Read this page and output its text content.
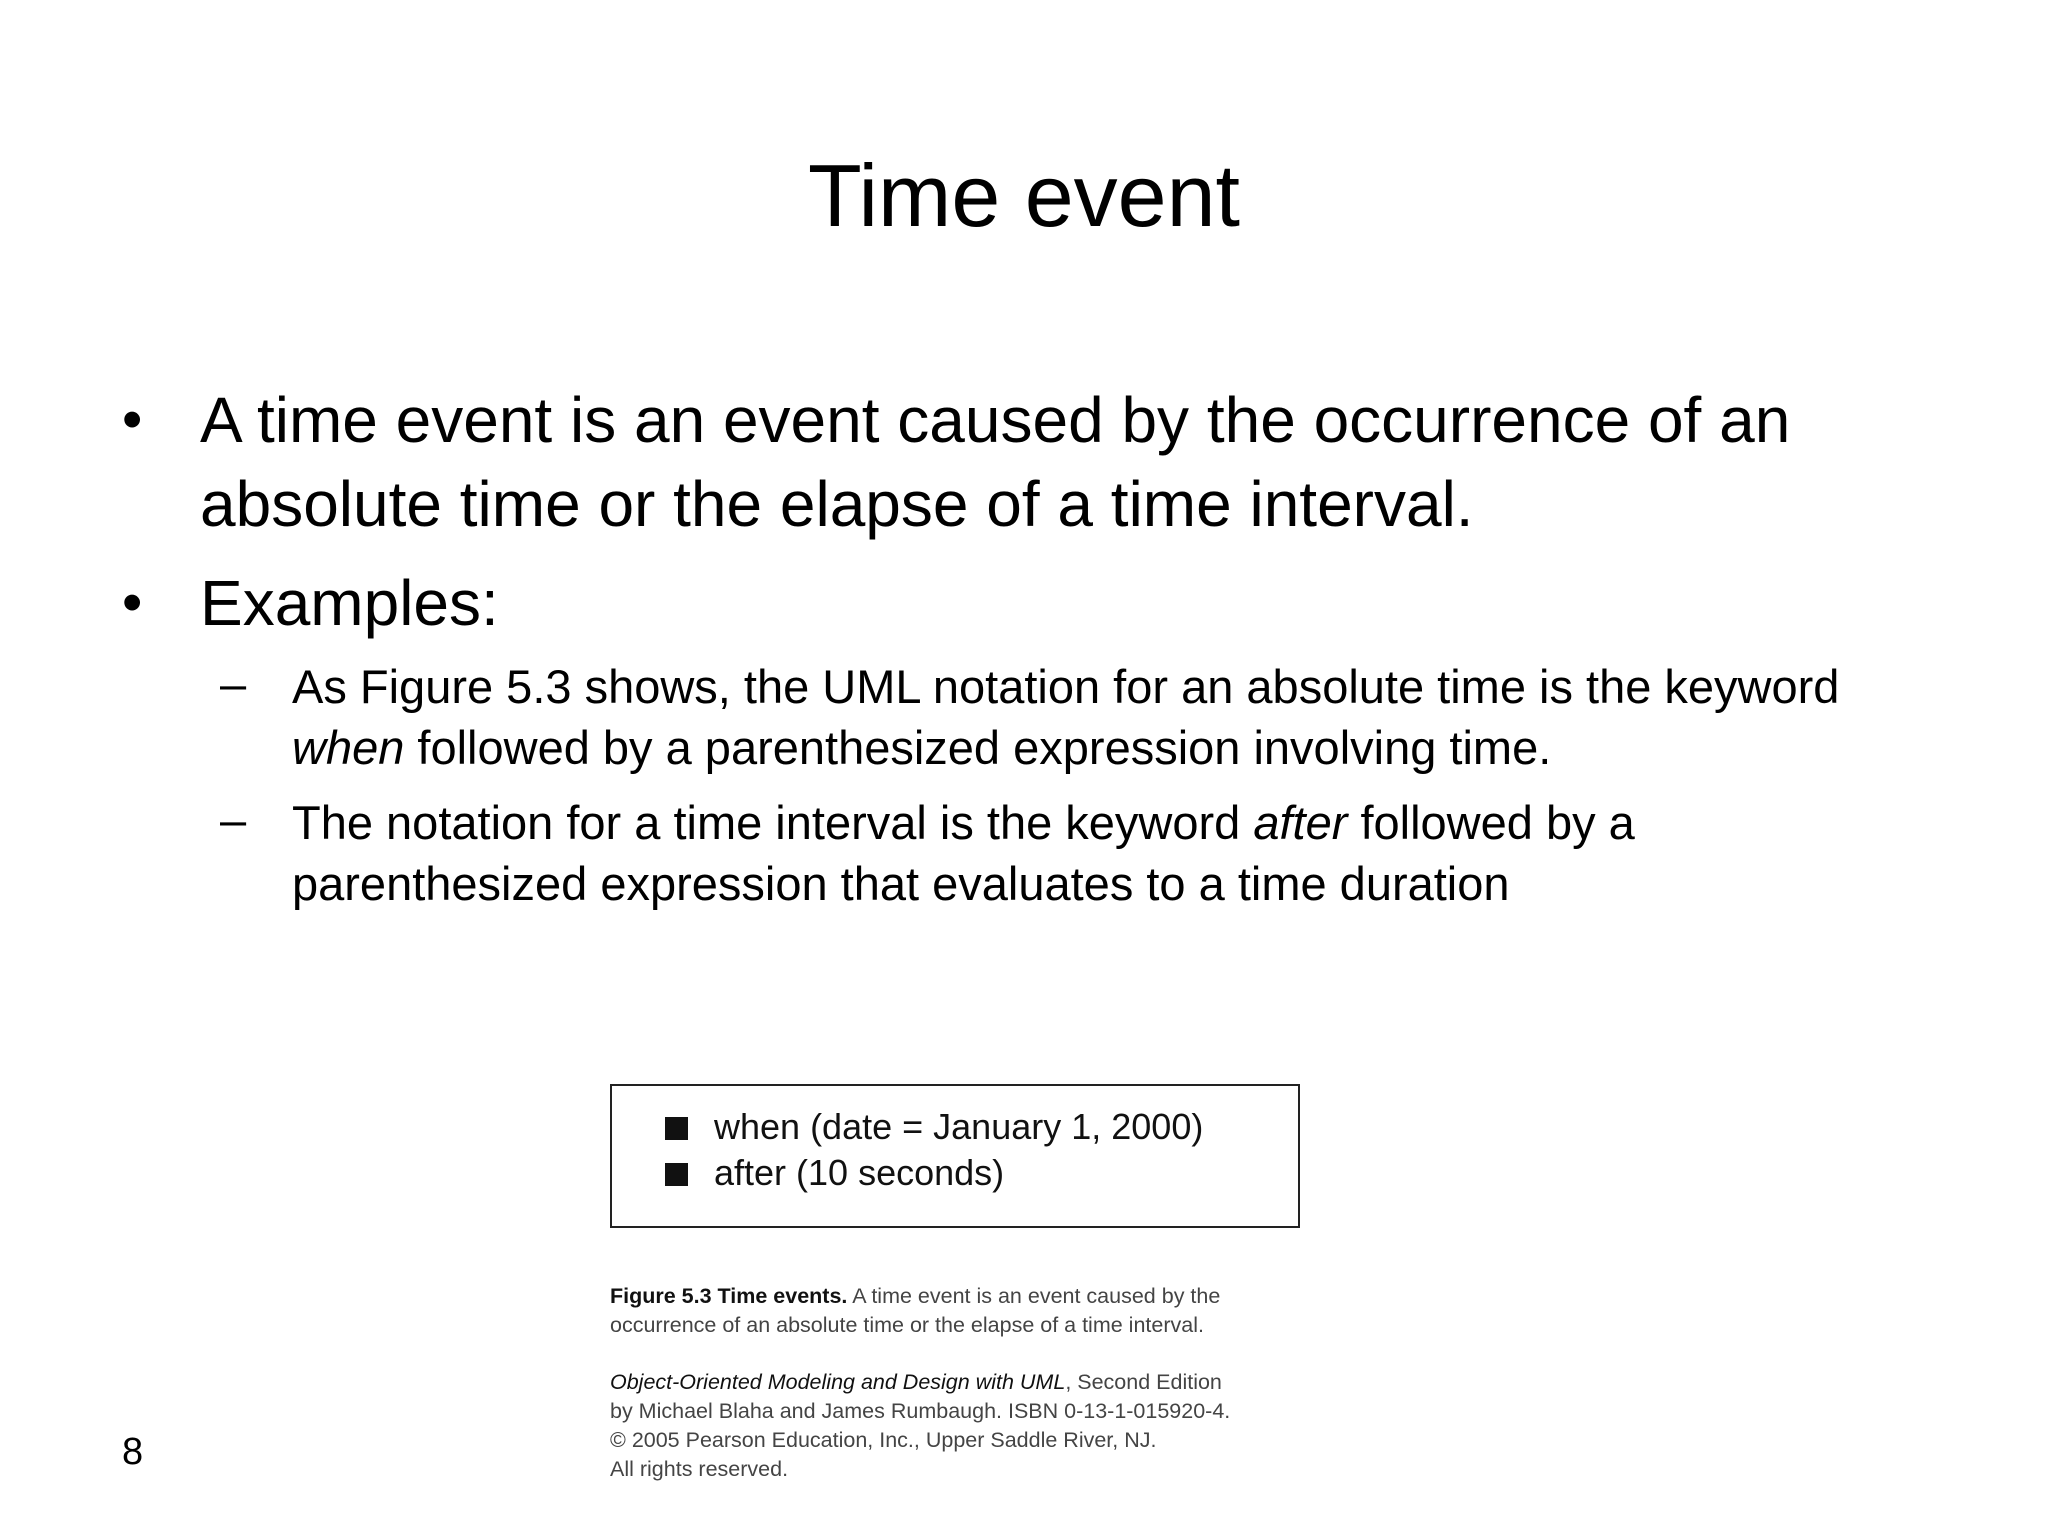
Time event
• A time event is an event caused by the occurrence of an absolute time or the elapse of a time interval.
• Examples:
– As Figure 5.3 shows, the UML notation for an absolute time is the keyword when followed by a parenthesized expression involving time.
– The notation for a time interval is the keyword after followed by a parenthesized expression that evaluates to a time duration
when (date = January 1, 2000)
after (10 seconds)
Figure 5.3 Time events. A time event is an event caused by the
occurrence of an absolute time or the elapse of a time interval.
Object-Oriented Modeling and Design with UML, Second Edition
by Michael Blaha and James Rumbaugh. ISBN 0-13-1-015920-4.
© 2005 Pearson Education, Inc., Upper Saddle River, NJ.
All rights reserved.
8
